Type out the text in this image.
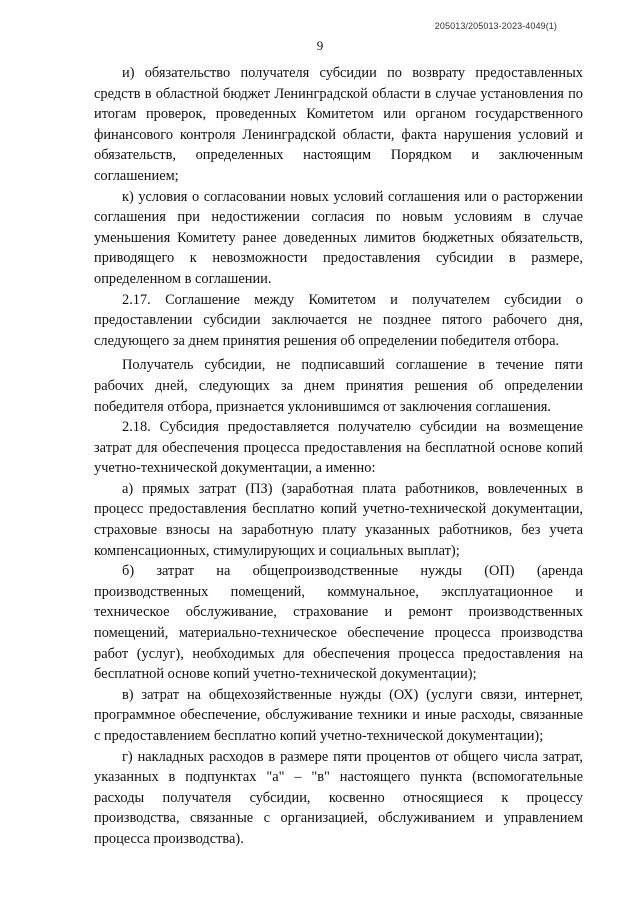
205013/205013-2023-4049(1)
9

и) обязательство получателя субсидии по возврату предоставленных средств в областной бюджет Ленинградской области в случае установления по итогам проверок, проведенных Комитетом или органом государственного финансового контроля Ленинградской области, факта нарушения условий и обязательств, определенных настоящим Порядком и заключенным соглашением;

к) условия о согласовании новых условий соглашения или о расторжении соглашения при недостижении согласия по новым условиям в случае уменьшения Комитету ранее доведенных лимитов бюджетных обязательств, приводящего к невозможности предоставления субсидии в размере, определенном в соглашении.

2.17. Соглашение между Комитетом и получателем субсидии о предоставлении субсидии заключается не позднее пятого рабочего дня, следующего за днем принятия решения об определении победителя отбора.

Получатель субсидии, не подписавший соглашение в течение пяти рабочих дней, следующих за днем принятия решения об определении победителя отбора, признается уклонившимся от заключения соглашения.

2.18. Субсидия предоставляется получателю субсидии на возмещение затрат для обеспечения процесса предоставления на бесплатной основе копий учетно-технической документации, а именно:

а) прямых затрат (ПЗ) (заработная плата работников, вовлеченных в процесс предоставления бесплатно копий учетно-технической документации, страховые взносы на заработную плату указанных работников, без учета компенсационных, стимулирующих и социальных выплат);

б) затрат на общепроизводственные нужды (ОП) (аренда производственных помещений, коммунальное, эксплуатационное и техническое обслуживание, страхование и ремонт производственных помещений, материально-техническое обеспечение процесса производства работ (услуг), необходимых для обеспечения процесса предоставления на бесплатной основе копий учетно-технической документации);

в) затрат на общехозяйственные нужды (ОХ) (услуги связи, интернет, программное обеспечение, обслуживание техники и иные расходы, связанные с предоставлением бесплатно копий учетно-технической документации);

г) накладных расходов в размере пяти процентов от общего числа затрат, указанных в подпунктах "а" – "в" настоящего пункта (вспомогательные расходы получателя субсидии, косвенно относящиеся к процессу производства, связанные с организацией, обслуживанием и управлением процесса производства).
